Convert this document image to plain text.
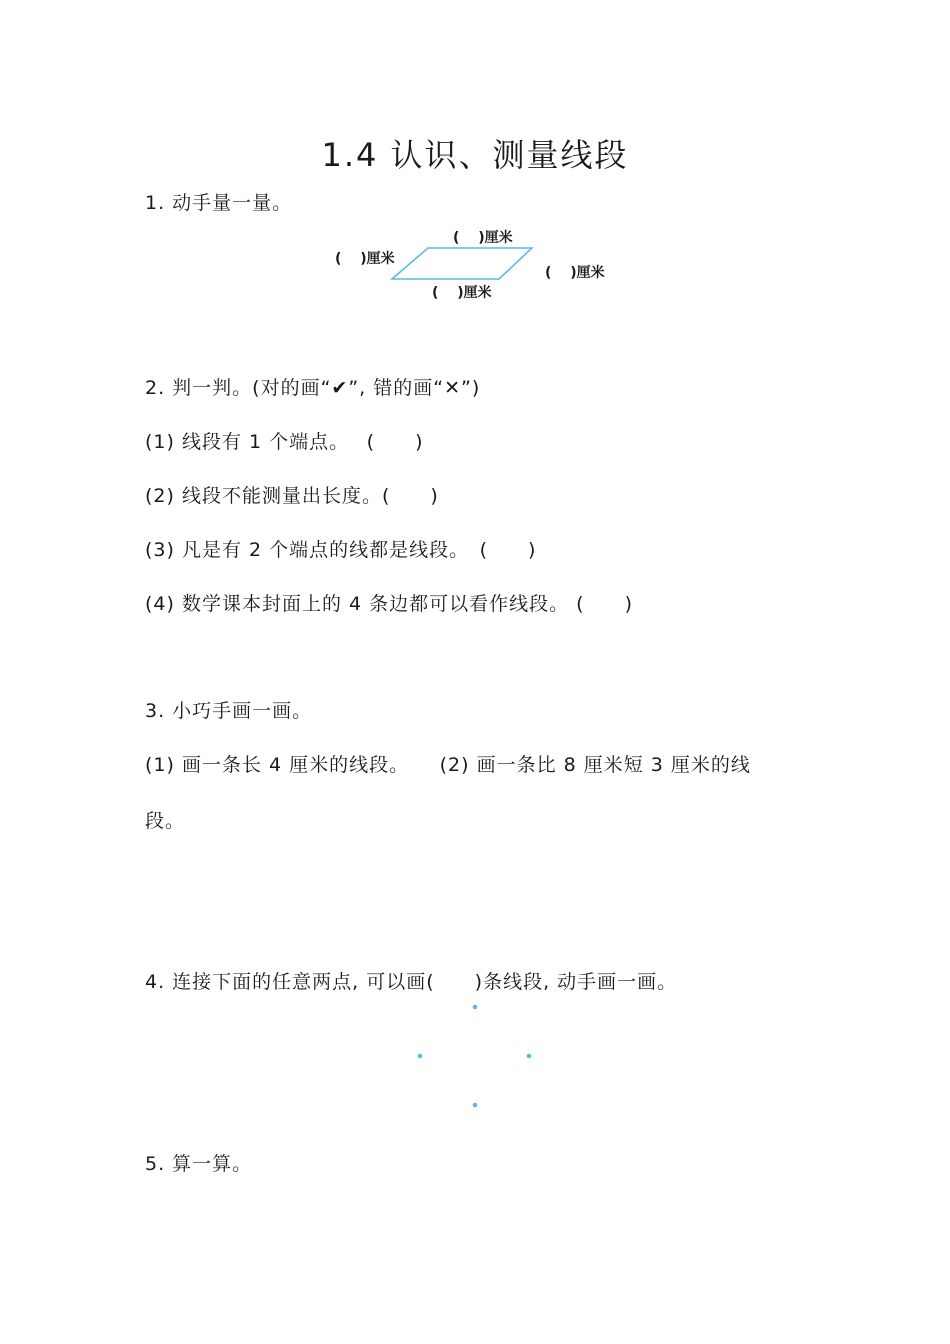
1.4 认识、测量线段
1. 动手量一量。
(　 )厘米
(　 )厘米
(　 )厘米
(　 )厘米
2. 判一判。(对的画“✔”, 错的画“✕”)
(1) 线段有 1 个端点。　 (　　)
(2) 线段不能测量出长度。(　　)
(3) 凡是有 2 个端点的线都是线段。　(　　)
(4) 数学课本封面上的 4 条边都可以看作线段。 (　　)
3. 小巧手画一画。
(1) 画一条长 4 厘米的线段。　　(2) 画一条比 8 厘米短 3 厘米的线
段。
4. 连接下面的任意两点, 可以画(　　)条线段, 动手画一画。
5. 算一算。
